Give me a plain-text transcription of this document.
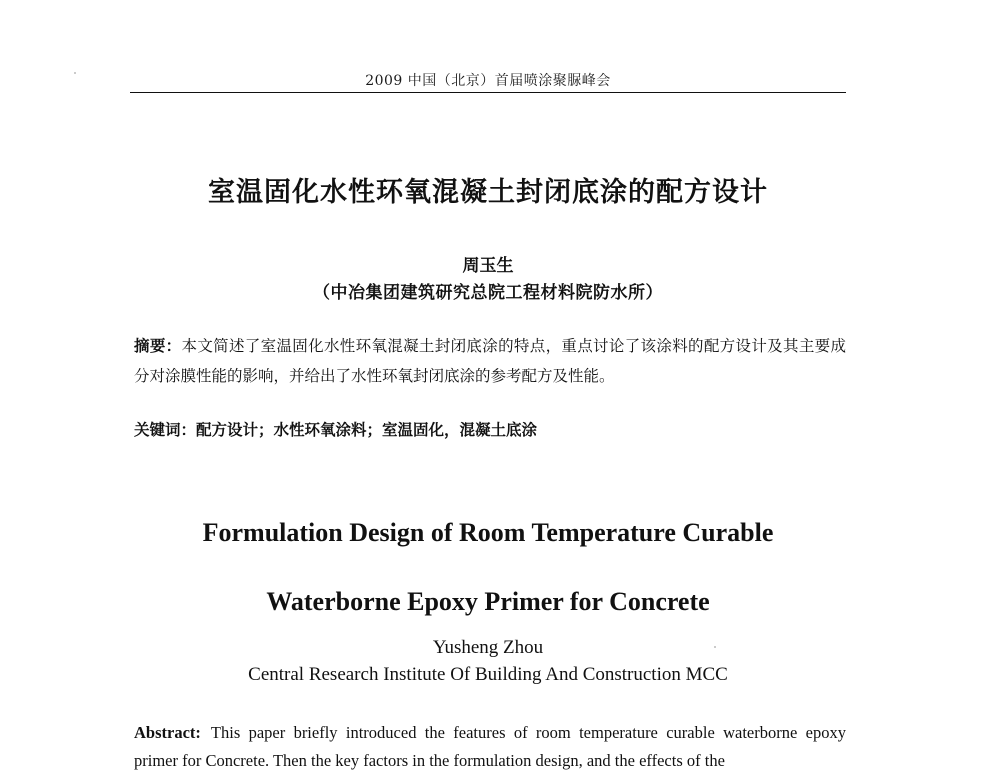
2009 中国（北京）首届喷涂聚脲峰会
室温固化水性环氧混凝土封闭底涂的配方设计
周玉生
（中冶集团建筑研究总院工程材料院防水所）
摘要：本文简述了室温固化水性环氧混凝土封闭底涂的特点，重点讨论了该涂料的配方设计及其主要成分对涂膜性能的影响，并给出了水性环氧封闭底涂的参考配方及性能。
关键词：配方设计；水性环氧涂料；室温固化，混凝土底涂
Formulation Design of Room Temperature Curable
Waterborne Epoxy Primer for Concrete
Yusheng Zhou
Central Research Institute Of Building And Construction MCC
Abstract: This paper briefly introduced the features of room temperature curable waterborne epoxy primer for Concrete. Then the key factors in the formulation design, and the effects of the
